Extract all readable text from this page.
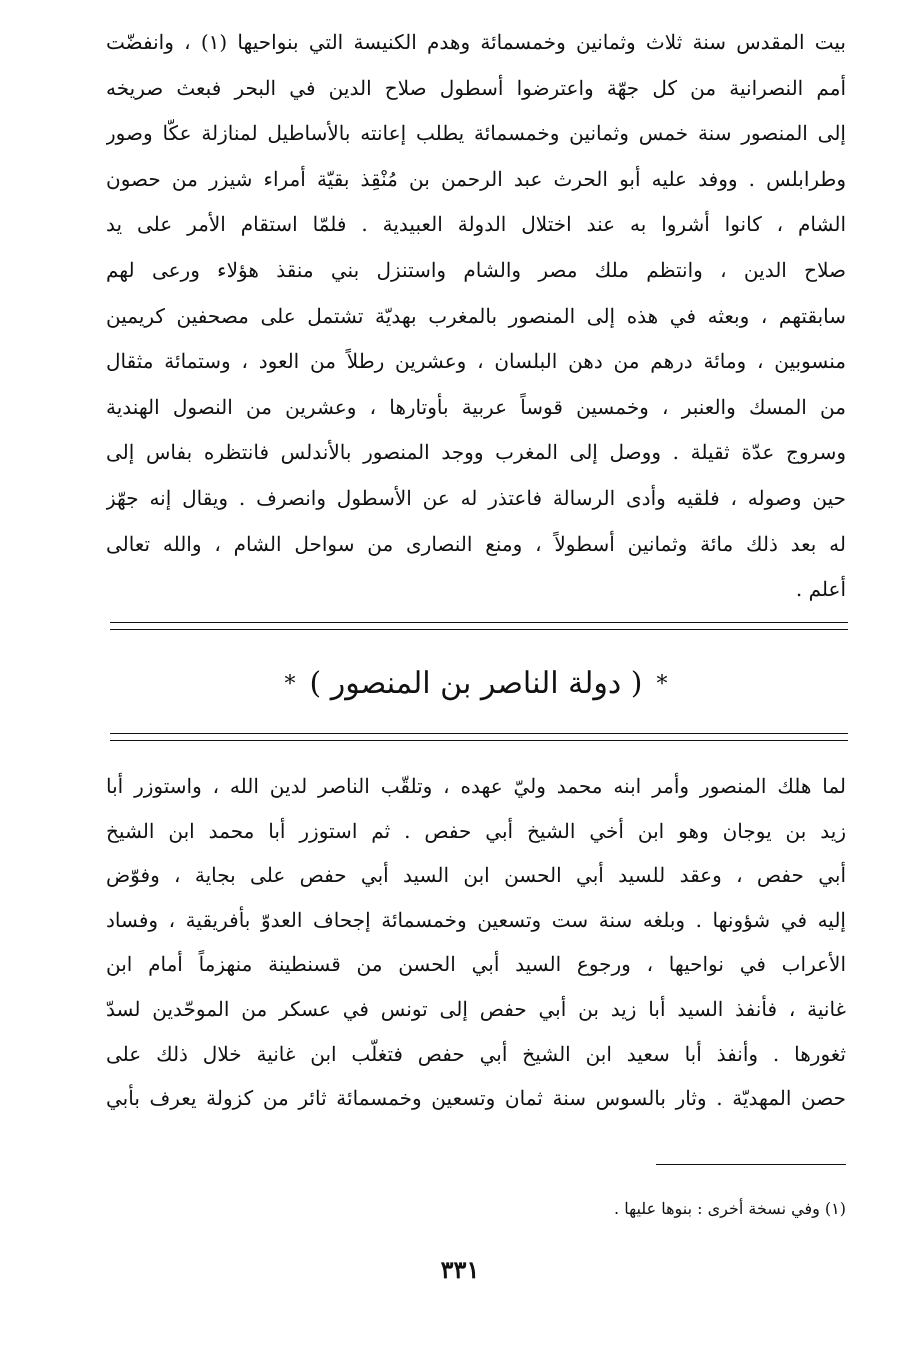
بيت المقدس سنة ثلاث وثمانين وخمسمائة وهدم الكنيسة التي بنواحيها (١) ، وانفضّت
أمم النصرانية من كل جهّة واعترضوا أسطول صلاح الدين في البحر فبعث صريخه
إلى المنصور سنة خمس وثمانين وخمسمائة يطلب إعانته بالأساطيل لمنازلة عكّا وصور
وطرابلس . ووفد عليه أبو الحرث عبد الرحمن بن مُنْقِذ بقيّة أمراء شيزر من حصون
الشام ، كانوا أشروا به عند اختلال الدولة العبيدية . فلمّا استقام الأمر على يد
صلاح الدين ، وانتظم ملك مصر والشام واستنزل بني منقذ هؤلاء ورعى لهم
سابقتهم ، وبعثه في هذه إلى المنصور بالمغرب بهديّة تشتمل على مصحفين كريمين
منسوبين ، ومائة درهم من دهن البلسان ، وعشرين رطلاً من العود ، وستمائة مثقال
من المسك والعنبر ، وخمسين قوساً عربية بأوتارها ، وعشرين من النصول الهندية
وسروج عدّة ثقيلة . ووصل إلى المغرب ووجد المنصور بالأندلس فانتظره بفاس إلى
حين وصوله ، فلقيه وأدى الرسالة فاعتذر له عن الأسطول وانصرف . ويقال إنه جهّز
له بعد ذلك مائة وثمانين أسطولاً ، ومنع النصارى من سواحل الشام ، والله تعالى
أعلم .
*( دولة الناصر بن المنصور )*
لما هلك المنصور وأمر ابنه محمد وليّ عهده ، وتلقّب الناصر لدين الله ، واستوزر أبا
زيد بن يوجان وهو ابن أخي الشيخ أبي حفص . ثم استوزر أبا محمد ابن الشيخ
أبي حفص ، وعقد للسيد أبي الحسن ابن السيد أبي حفص على بجاية ، وفوّض
إليه في شؤونها . وبلغه سنة ست وتسعين وخمسمائة إجحاف العدوّ بأفريقية ، وفساد
الأعراب في نواحيها ، ورجوع السيد أبي الحسن من قسنطينة منهزماً أمام ابن
غانية ، فأنفذ السيد أبا زيد بن أبي حفص إلى تونس في عسكر من الموحّدين لسدّ
ثغورها . وأنفذ أبا سعيد ابن الشيخ أبي حفص فتغلّب ابن غانية خلال ذلك على
حصن المهديّة . وثار بالسوس سنة ثمان وتسعين وخمسمائة ثائر من كزولة يعرف بأبي
(١) وفي نسخة أخرى : بنوها عليها .
٣٣١
